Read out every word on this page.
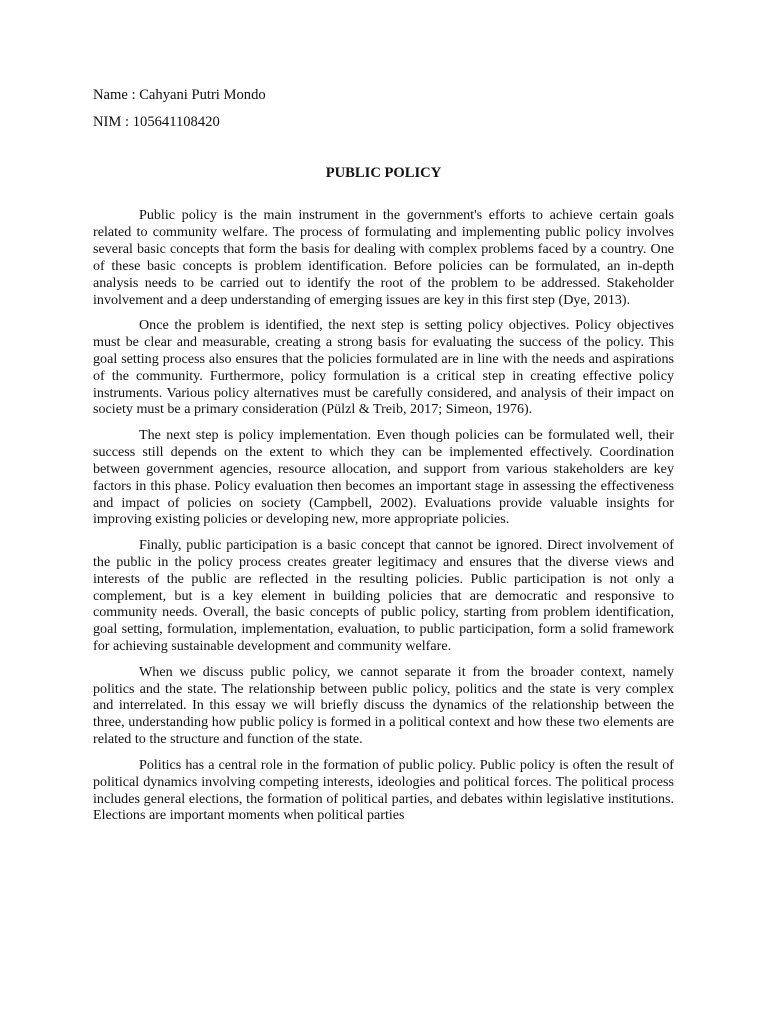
Name : Cahyani Putri Mondo
NIM : 105641108420
PUBLIC POLICY

Public policy is the main instrument in the government's efforts to achieve certain goals related to community welfare. The process of formulating and implementing public policy involves several basic concepts that form the basis for dealing with complex problems faced by a country. One of these basic concepts is problem identification. Before policies can be formulated, an in-depth analysis needs to be carried out to identify the root of the problem to be addressed. Stakeholder involvement and a deep understanding of emerging issues are key in this first step (Dye, 2013).

Once the problem is identified, the next step is setting policy objectives. Policy objectives must be clear and measurable, creating a strong basis for evaluating the success of the policy. This goal setting process also ensures that the policies formulated are in line with the needs and aspirations of the community. Furthermore, policy formulation is a critical step in creating effective policy instruments. Various policy alternatives must be carefully considered, and analysis of their impact on society must be a primary consideration (Pülzl & Treib, 2017; Simeon, 1976).

The next step is policy implementation. Even though policies can be formulated well, their success still depends on the extent to which they can be implemented effectively. Coordination between government agencies, resource allocation, and support from various stakeholders are key factors in this phase. Policy evaluation then becomes an important stage in assessing the effectiveness and impact of policies on society (Campbell, 2002). Evaluations provide valuable insights for improving existing policies or developing new, more appropriate policies.

Finally, public participation is a basic concept that cannot be ignored. Direct involvement of the public in the policy process creates greater legitimacy and ensures that the diverse views and interests of the public are reflected in the resulting policies. Public participation is not only a complement, but is a key element in building policies that are democratic and responsive to community needs. Overall, the basic concepts of public policy, starting from problem identification, goal setting, formulation, implementation, evaluation, to public participation, form a solid framework for achieving sustainable development and community welfare.

When we discuss public policy, we cannot separate it from the broader context, namely politics and the state. The relationship between public policy, politics and the state is very complex and interrelated. In this essay we will briefly discuss the dynamics of the relationship between the three, understanding how public policy is formed in a political context and how these two elements are related to the structure and function of the state.

Politics has a central role in the formation of public policy. Public policy is often the result of political dynamics involving competing interests, ideologies and political forces. The political process includes general elections, the formation of political parties, and debates within legislative institutions. Elections are important moments when political parties
